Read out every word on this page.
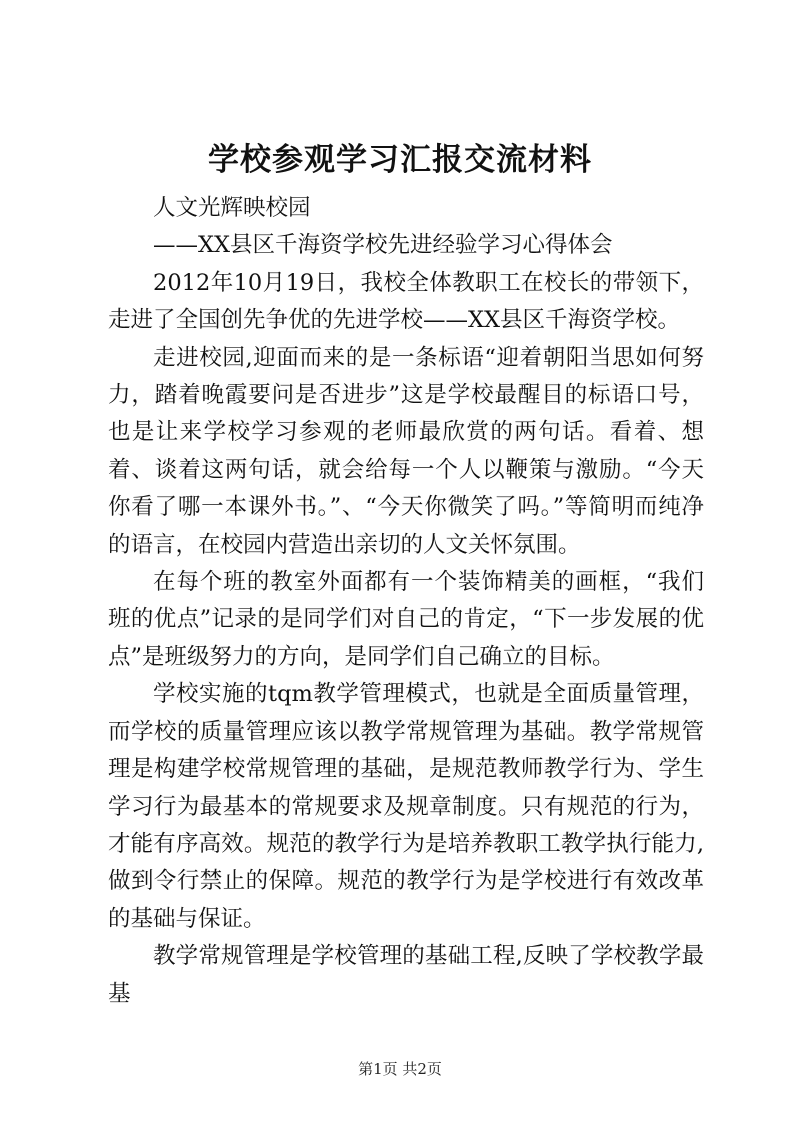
学校参观学习汇报交流材料

人文光辉映校园

——XX县区千海资学校先进经验学习心得体会

2012年10月19日，我校全体教职工在校长的带领下，走进了全国创先争优的先进学校——XX县区千海资学校。

走进校园,迎面而来的是一条标语“迎着朝阳当思如何努力，踏着晚霞要问是否进步”这是学校最醒目的标语口号，也是让来学校学习参观的老师最欣赏的两句话。看着、想着、谈着这两句话，就会给每一个人以鞭策与激励。“今天你看了哪一本课外书。”、“今天你微笑了吗。”等简明而纯净的语言，在校园内营造出亲切的人文关怀氛围。

在每个班的教室外面都有一个装饰精美的画框，“我们班的优点”记录的是同学们对自己的肯定，“下一步发展的优点”是班级努力的方向，是同学们自己确立的目标。

学校实施的tqm教学管理模式，也就是全面质量管理，而学校的质量管理应该以教学常规管理为基础。教学常规管理是构建学校常规管理的基础，是规范教师教学行为、学生学习行为最基本的常规要求及规章制度。只有规范的行为，才能有序高效。规范的教学行为是培养教职工教学执行能力,做到令行禁止的保障。规范的教学行为是学校进行有效改革的基础与保证。

教学常规管理是学校管理的基础工程,反映了学校教学最基

第1页 共2页
